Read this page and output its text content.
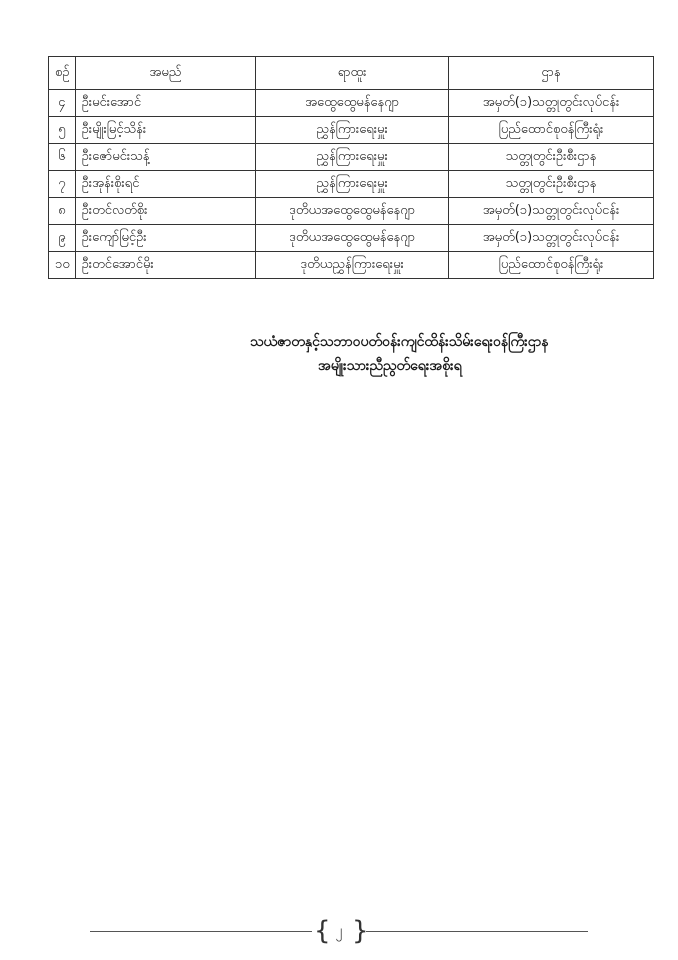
စဉ်	အမည်	ရာထူး	ဌာန
၄	ဦးမင်းအောင်	အထွေထွေမန်နေဂျာ	အမှတ်(၁)သတ္တုတွင်းလုပ်ငန်း
၅	ဦးမျိုးမြင့်သိန်း	ညွှန်ကြားရေးမှူး	ပြည်ထောင်စုဝန်ကြီးရုံး
၆	ဦးဇော်မင်းသန့်	ညွှန်ကြားရေးမှူး	သတ္တုတွင်းဦးစီးဌာန
၇	ဦးအုန်းစိုးရင်	ညွှန်ကြားရေးမှူး	သတ္တုတွင်းဦးစီးဌာန
၈	ဦးတင်လတ်စိုး	ဒုတိယအထွေထွေမန်နေဂျာ	အမှတ်(၁)သတ္တုတွင်းလုပ်ငန်း
၉	ဦးကျော်မြင့်ဦး	ဒုတိယအထွေထွေမန်နေဂျာ	အမှတ်(၁)သတ္တုတွင်းလုပ်ငန်း
၁၀	ဦးတင်အောင်မိုး	ဒုတိယညွှန်ကြားရေးမှူး	ပြည်ထောင်စုဝန်ကြီးရုံး
သယံဇာတနှင့်သဘာဝပတ်ဝန်းကျင်ထိန်းသိမ်းရေးဝန်ကြီးဌာန
အမျိုးသားညီညွတ်ရေးအစိုးရ
{ ၂ }
